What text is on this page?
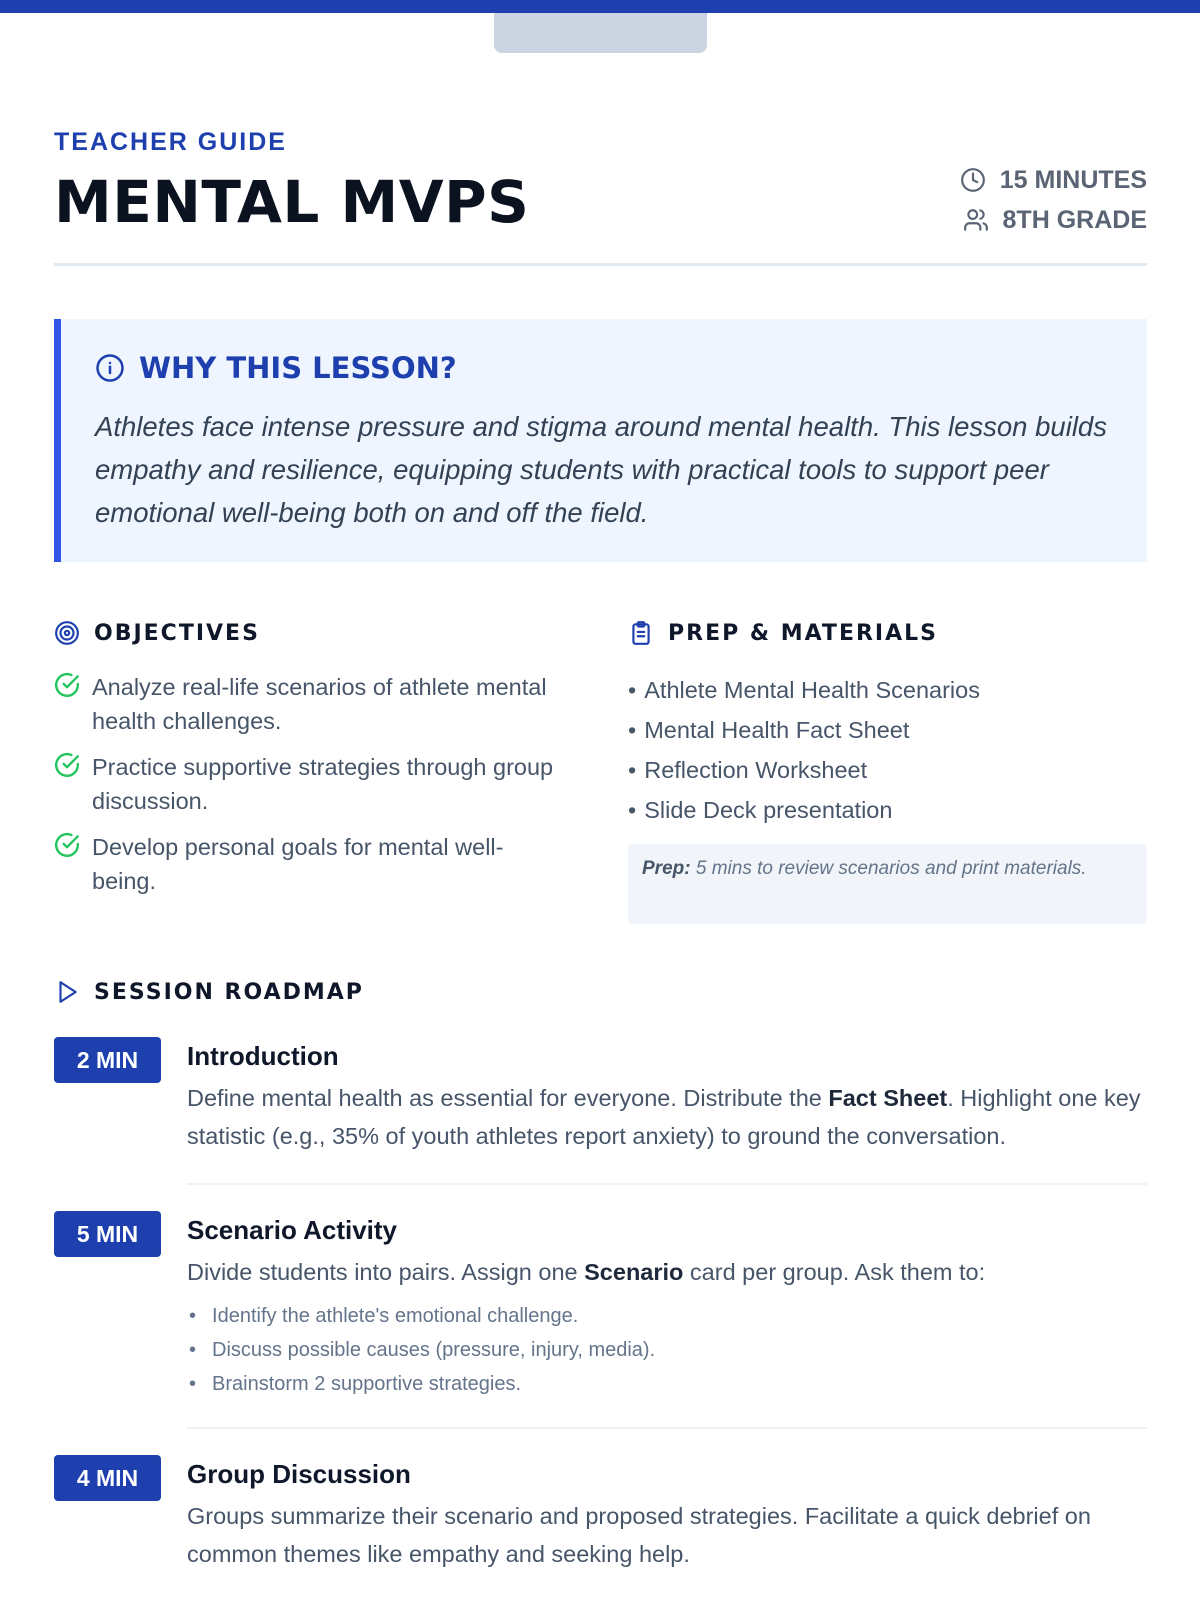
TEACHER GUIDE
MENTAL MVPS	15 MINUTES
8TH GRADE
WHY THIS LESSON?

Athletes face intense pressure and stigma around mental health. This lesson builds empathy and resilience, equipping students with practical tools to support peer emotional well-being both on and off the field.

OBJECTIVES
Analyze real-life scenarios of athlete mental health challenges.
Practice supportive strategies through group discussion.
Develop personal goals for mental well-being.
PREP & MATERIALS
• Athlete Mental Health Scenarios
• Mental Health Fact Sheet
• Reflection Worksheet
• Slide Deck presentation
Prep: 5 mins to review scenarios and print materials.
SESSION ROADMAP
2 MIN	Introduction

Define mental health as essential for everyone. Distribute the Fact Sheet. Highlight one key statistic (e.g., 35% of youth athletes report anxiety) to ground the conversation.

5 MIN	Scenario Activity

Divide students into pairs. Assign one Scenario card per group. Ask them to:

• Identify the athlete's emotional challenge.
• Discuss possible causes (pressure, injury, media).
• Brainstorm 2 supportive strategies.
4 MIN	Group Discussion

Groups summarize their scenario and proposed strategies. Facilitate a quick debrief on common themes like empathy and seeking help.
